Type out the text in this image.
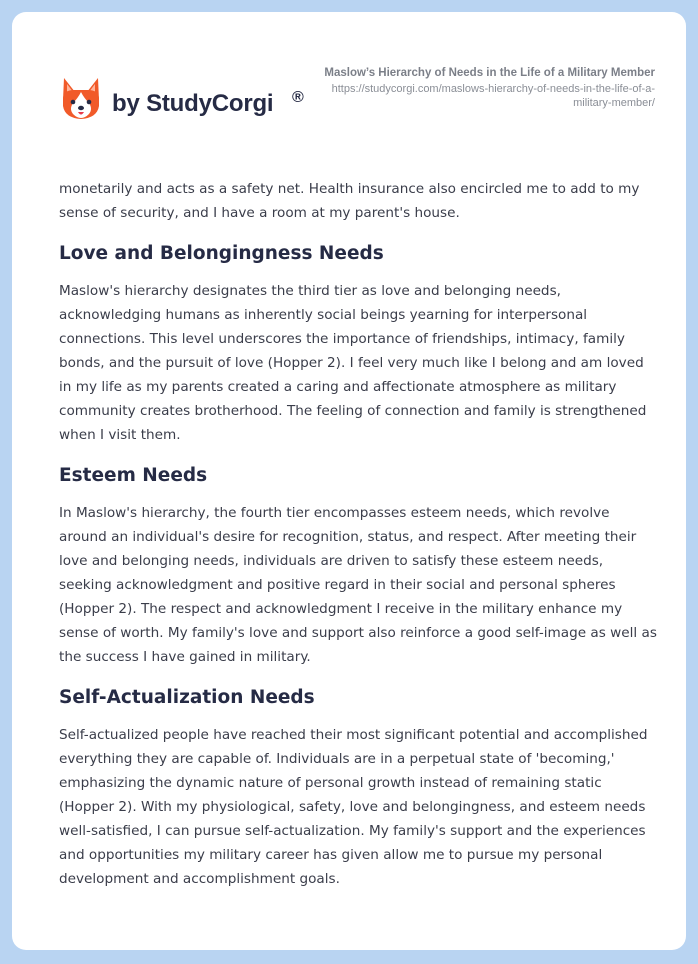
by StudyCorgi ®
Maslow’s Hierarchy of Needs in the Life of a Military Member
https://studycorgi.com/maslows-hierarchy-of-needs-in-the-life-of-a-military-member/

monetarily and acts as a safety net. Health insurance also encircled me to add to my sense of security, and I have a room at my parent's house.

Love and Belongingness Needs

Maslow's hierarchy designates the third tier as love and belonging needs, acknowledging humans as inherently social beings yearning for interpersonal connections. This level underscores the importance of friendships, intimacy, family bonds, and the pursuit of love (Hopper 2). I feel very much like I belong and am loved in my life as my parents created a caring and affectionate atmosphere as military community creates brotherhood. The feeling of connection and family is strengthened when I visit them.

Esteem Needs

In Maslow's hierarchy, the fourth tier encompasses esteem needs, which revolve around an individual's desire for recognition, status, and respect. After meeting their love and belonging needs, individuals are driven to satisfy these esteem needs, seeking acknowledgment and positive regard in their social and personal spheres (Hopper 2). The respect and acknowledgment I receive in the military enhance my sense of worth. My family's love and support also reinforce a good self-image as well as the success I have gained in military.

Self-Actualization Needs

Self-actualized people have reached their most significant potential and accomplished everything they are capable of. Individuals are in a perpetual state of 'becoming,' emphasizing the dynamic nature of personal growth instead of remaining static (Hopper 2). With my physiological, safety, love and belongingness, and esteem needs well-satisfied, I can pursue self-actualization. My family's support and the experiences and opportunities my military career has given allow me to pursue my personal development and accomplishment goals.
